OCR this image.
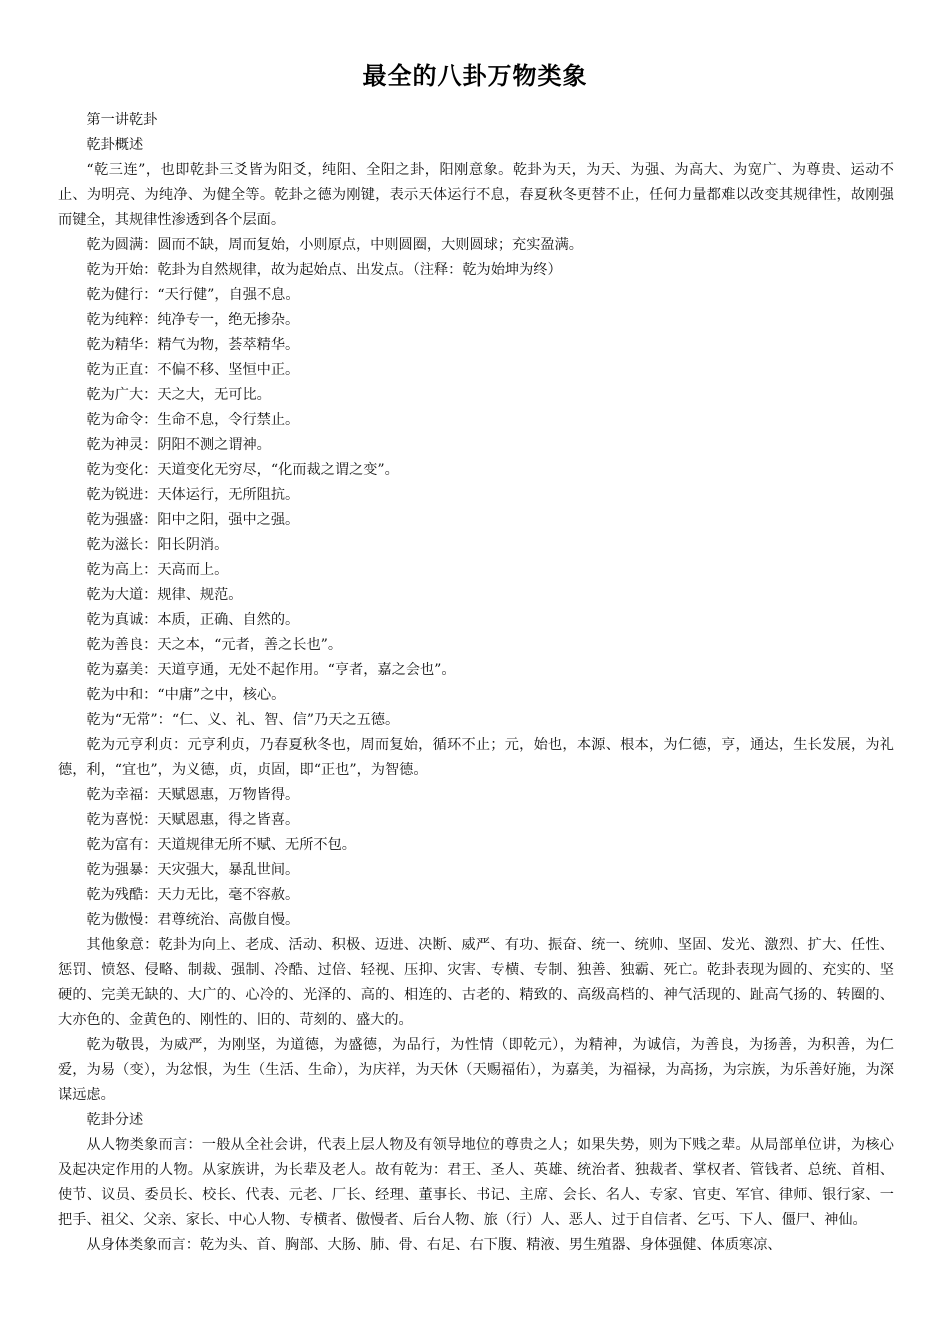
最全的八卦万物类象

第一讲乾卦

乾卦概述

“乾三连”，也即乾卦三爻皆为阳爻，纯阳、全阳之卦，阳刚意象。乾卦为天，为天、为强、为高大、为宽广、为尊贵、运动不止、为明亮、为纯净、为健全等。乾卦之德为刚键，表示天体运行不息，春夏秋冬更替不止，任何力量都难以改变其规律性，故刚强而键全，其规律性渗透到各个层面。

乾为圆满：圆而不缺，周而复始，小则原点，中则圆圈，大则圆球；充实盈满。

乾为开始：乾卦为自然规律，故为起始点、出发点。（注释：乾为始坤为终）

乾为健行：“天行健”，自强不息。

乾为纯粹：纯净专一，绝无掺杂。

乾为精华：精气为物，荟萃精华。

乾为正直：不偏不移、坚恒中正。

乾为广大：天之大，无可比。

乾为命令：生命不息，令行禁止。

乾为神灵：阴阳不测之谓神。

乾为变化：天道变化无穷尽，“化而裁之谓之变”。

乾为锐进：天体运行，无所阻抗。

乾为强盛：阳中之阳，强中之强。

乾为滋长：阳长阴消。

乾为高上：天高而上。

乾为大道：规律、规范。

乾为真诚：本质，正确、自然的。

乾为善良：天之本，“元者，善之长也”。

乾为嘉美：天道亨通，无处不起作用。“亨者，嘉之会也”。

乾为中和：“中庸”之中，核心。

乾为“无常”：“仁、义、礼、智、信”乃天之五德。

乾为元亨利贞：元亨利贞，乃春夏秋冬也，周而复始，循环不止；元，始也，本源、根本，为仁德，亨，通达，生长发展，为礼德，利，“宜也”，为义德，贞，贞固，即“正也”，为智德。

乾为幸福：天赋恩惠，万物皆得。

乾为喜悦：天赋恩惠，得之皆喜。

乾为富有：天道规律无所不赋、无所不包。

乾为强暴：天灾强大，暴乱世间。

乾为残酷：天力无比，毫不容赦。

乾为傲慢：君尊统治、高傲自慢。

其他象意：乾卦为向上、老成、活动、积极、迈进、决断、威严、有功、振奋、统一、统帅、坚固、发光、激烈、扩大、任性、惩罚、愤怒、侵略、制裁、强制、冷酷、过倍、轻视、压抑、灾害、专横、专制、独善、独霸、死亡。乾卦表现为圆的、充实的、坚硬的、完美无缺的、大广的、心冷的、光泽的、高的、相连的、古老的、精致的、高级高档的、神气活现的、趾高气扬的、转圈的、大亦色的、金黄色的、刚性的、旧的、苛刻的、盛大的。

乾为敬畏，为威严，为刚坚，为道德，为盛德，为品行，为性情（即乾元），为精神，为诚信，为善良，为扬善，为积善，为仁爱，为易（变），为忿恨，为生（生活、生命），为庆祥，为天休（天赐福佑），为嘉美，为福禄，为高扬，为宗族，为乐善好施，为深谋远虑。

乾卦分述

从人物类象而言：一般从全社会讲，代表上层人物及有领导地位的尊贵之人；如果失势，则为下贱之辈。从局部单位讲，为核心及起决定作用的人物。从家族讲，为长辈及老人。故有乾为：君王、圣人、英雄、统治者、独裁者、掌权者、管钱者、总统、首相、使节、议员、委员长、校长、代表、元老、厂长、经理、董事长、书记、主席、会长、名人、专家、官吏、军官、律师、银行家、一把手、祖父、父亲、家长、中心人物、专横者、傲慢者、后台人物、旅（行）人、恶人、过于自信者、乞丐、下人、僵尸、神仙。

从身体类象而言：乾为头、首、胸部、大肠、肺、骨、右足、右下腹、精液、男生殖器、身体强健、体质寒凉、
